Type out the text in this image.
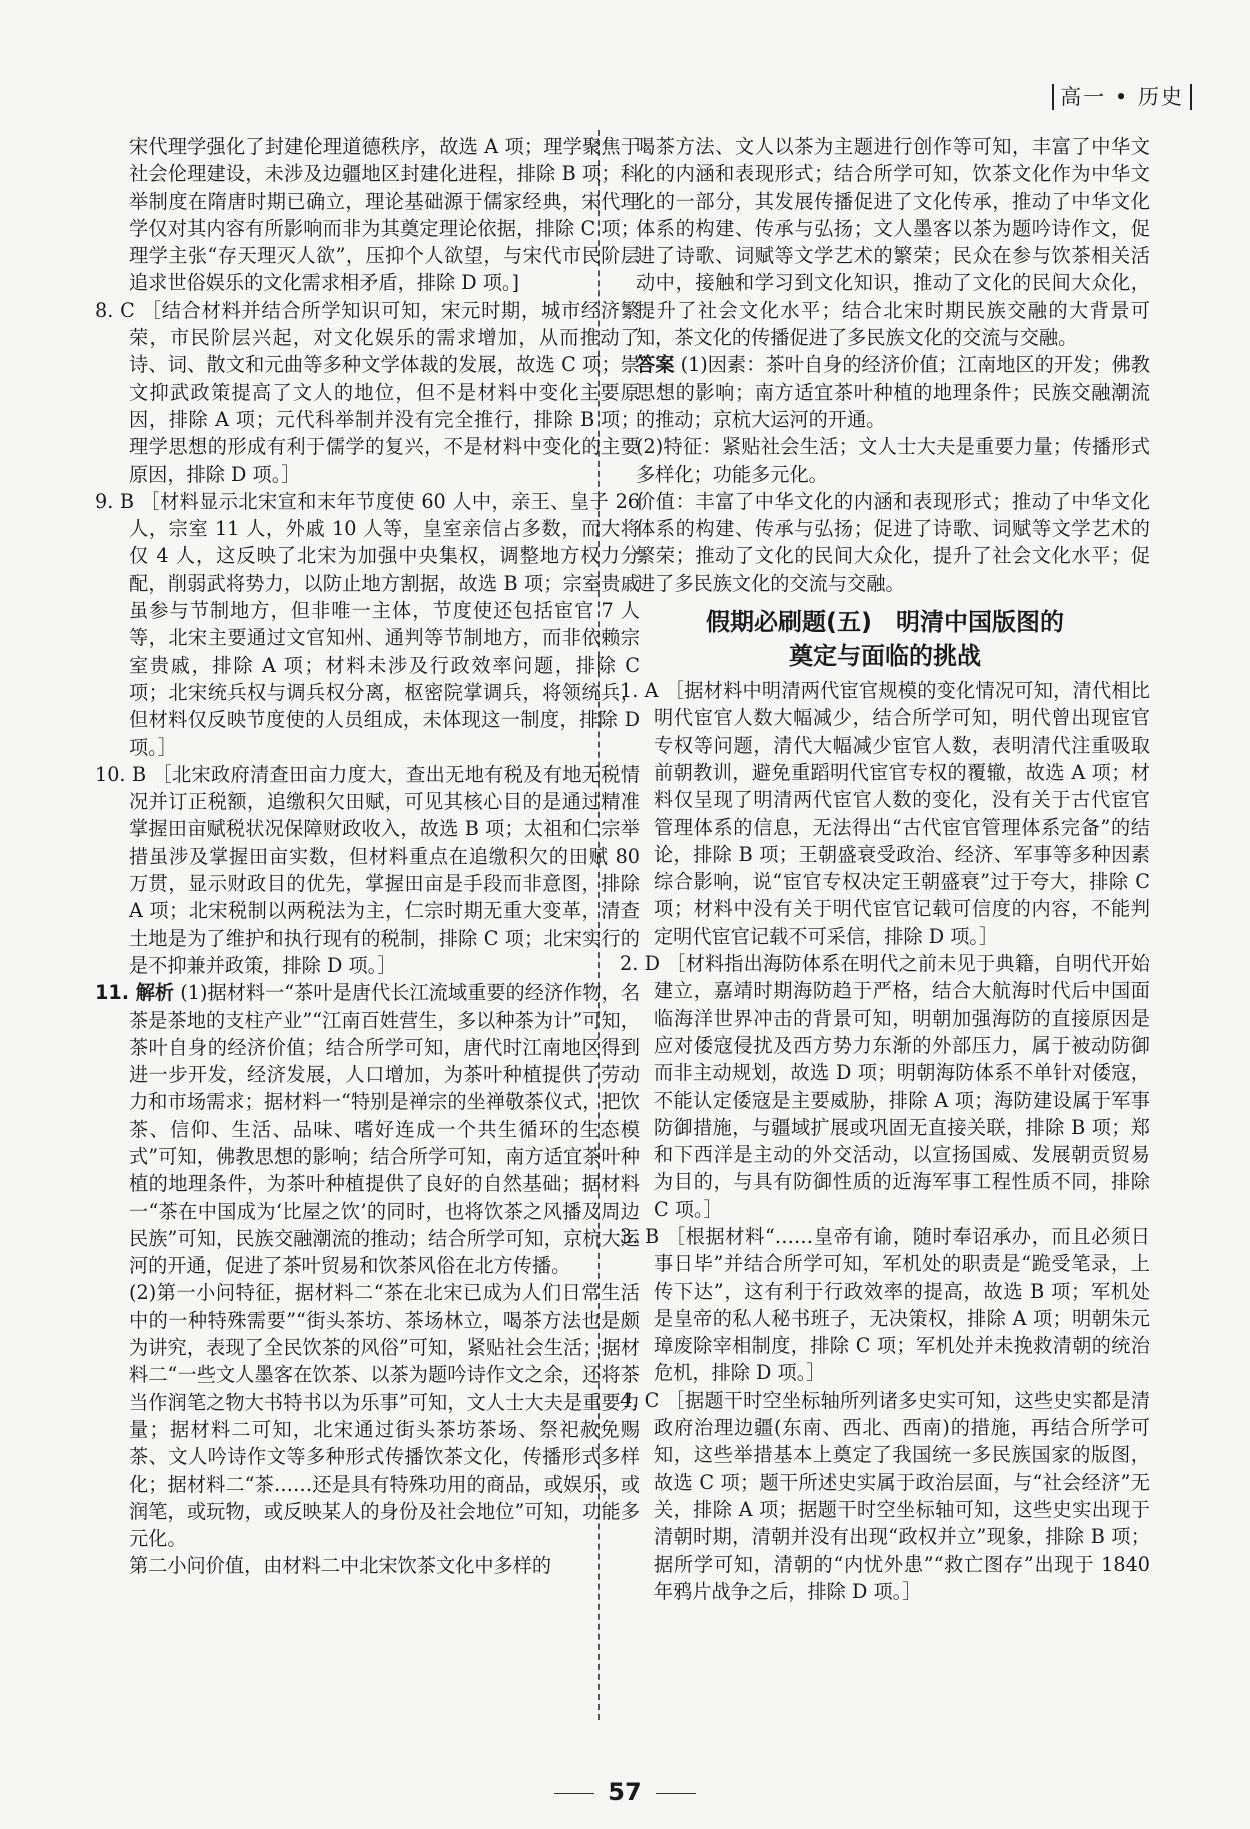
高一 • 历史

宋代理学强化了封建伦理道德秩序，故选 A 项；理学聚焦于社会伦理建设，未涉及边疆地区封建化进程，排除 B 项；科举制度在隋唐时期已确立，理论基础源于儒家经典，宋代理学仅对其内容有所影响而非为其奠定理论依据，排除 C 项；理学主张“存天理灭人欲”，压抑个人欲望，与宋代市民阶层追求世俗娱乐的文化需求相矛盾，排除 D 项。]

8. C ［结合材料并结合所学知识可知，宋元时期，城市经济繁荣，市民阶层兴起，对文化娱乐的需求增加，从而推动了诗、词、散文和元曲等多种文学体裁的发展，故选 C 项；崇文抑武政策提高了文人的地位，但不是材料中变化主要原因，排除 A 项；元代科举制并没有完全推行，排除 B 项；理学思想的形成有利于儒学的复兴，不是材料中变化的主要原因，排除 D 项。］

9. B ［材料显示北宋宣和末年节度使 60 人中，亲王、皇子 26 人，宗室 11 人，外戚 10 人等，皇室亲信占多数，而大将仅 4 人，这反映了北宋为加强中央集权，调整地方权力分配，削弱武将势力，以防止地方割据，故选 B 项；宗室贵戚虽参与节制地方，但非唯一主体，节度使还包括宦官 7 人等，北宋主要通过文官知州、通判等节制地方，而非依赖宗室贵戚，排除 A 项；材料未涉及行政效率问题，排除 C 项；北宋统兵权与调兵权分离，枢密院掌调兵，将领统兵，但材料仅反映节度使的人员组成，未体现这一制度，排除 D 项。］

10. B ［北宋政府清查田亩力度大，查出无地有税及有地无税情况并订正税额，追缴积欠田赋，可见其核心目的是通过精准掌握田亩赋税状况保障财政收入，故选 B 项；太祖和仁宗举措虽涉及掌握田亩实数，但材料重点在追缴积欠的田赋 80 万贯，显示财政目的优先，掌握田亩是手段而非意图，排除 A 项；北宋税制以两税法为主，仁宗时期无重大变革，清查土地是为了维护和执行现有的税制，排除 C 项；北宋实行的是不抑兼并政策，排除 D 项。］

11. 解析 (1)据材料一“茶叶是唐代长江流域重要的经济作物，名茶是茶地的支柱产业”“江南百姓营生，多以种茶为计”可知，茶叶自身的经济价值；结合所学可知，唐代时江南地区得到进一步开发，经济发展，人口增加，为茶叶种植提供了劳动力和市场需求；据材料一“特别是禅宗的坐禅敬茶仪式，把饮茶、信仰、生活、品味、嗜好连成一个共生循环的生态模式”可知，佛教思想的影响；结合所学可知，南方适宜茶叶种植的地理条件，为茶叶种植提供了良好的自然基础；据材料一“茶在中国成为‘比屋之饮’的同时，也将饮茶之风播及周边民族”可知，民族交融潮流的推动；结合所学可知，京杭大运河的开通，促进了茶叶贸易和饮茶风俗在北方传播。

(2)第一小问特征，据材料二“茶在北宋已成为人们日常生活中的一种特殊需要”“街头茶坊、茶场林立，喝茶方法也是颇为讲究，表现了全民饮茶的风俗”可知，紧贴社会生活；据材料二“一些文人墨客在饮茶、以茶为题吟诗作文之余，还将茶当作润笔之物大书特书以为乐事”可知，文人士大夫是重要力量；据材料二可知，北宋通过街头茶坊茶场、祭祀赦免赐茶、文人吟诗作文等多种形式传播饮茶文化，传播形式多样化；据材料二“茶……还是具有特殊功用的商品，或娱乐，或润笔，或玩物，或反映某人的身份及社会地位”可知，功能多元化。

第二小问价值，由材料二中北宋饮茶文化中多样的

喝茶方法、文人以茶为主题进行创作等可知，丰富了中华文化的内涵和表现形式；结合所学可知，饮茶文化作为中华文化的一部分，其发展传播促进了文化传承，推动了中华文化体系的构建、传承与弘扬；文人墨客以茶为题吟诗作文，促进了诗歌、词赋等文学艺术的繁荣；民众在参与饮茶相关活动中，接触和学习到文化知识，推动了文化的民间大众化，提升了社会文化水平；结合北宋时期民族交融的大背景可知，茶文化的传播促进了多民族文化的交流与交融。

答案 (1)因素：茶叶自身的经济价值；江南地区的开发；佛教思想的影响；南方适宜茶叶种植的地理条件；民族交融潮流的推动；京杭大运河的开通。

(2)特征：紧贴社会生活；文人士大夫是重要力量；传播形式多样化；功能多元化。

价值：丰富了中华文化的内涵和表现形式；推动了中华文化体系的构建、传承与弘扬；促进了诗歌、词赋等文学艺术的繁荣；推动了文化的民间大众化，提升了社会文化水平；促进了多民族文化的交流与交融。

假期必刷题(五)　明清中国版图的
奠定与面临的挑战

1. A ［据材料中明清两代宦官规模的变化情况可知，清代相比明代宦官人数大幅减少，结合所学可知，明代曾出现宦官专权等问题，清代大幅减少宦官人数，表明清代注重吸取前朝教训，避免重蹈明代宦官专权的覆辙，故选 A 项；材料仅呈现了明清两代宦官人数的变化，没有关于古代宦官管理体系的信息，无法得出“古代宦官管理体系完备”的结论，排除 B 项；王朝盛衰受政治、经济、军事等多种因素综合影响，说“宦官专权决定王朝盛衰”过于夸大，排除 C 项；材料中没有关于明代宦官记载可信度的内容，不能判定明代宦官记载不可采信，排除 D 项。］

2. D ［材料指出海防体系在明代之前未见于典籍，自明代开始建立，嘉靖时期海防趋于严格，结合大航海时代后中国面临海洋世界冲击的背景可知，明朝加强海防的直接原因是应对倭寇侵扰及西方势力东渐的外部压力，属于被动防御而非主动规划，故选 D 项；明朝海防体系不单针对倭寇，不能认定倭寇是主要威胁，排除 A 项；海防建设属于军事防御措施，与疆域扩展或巩固无直接关联，排除 B 项；郑和下西洋是主动的外交活动，以宣扬国威、发展朝贡贸易为目的，与具有防御性质的近海军事工程性质不同，排除 C 项。］

3. B ［根据材料“……皇帝有谕，随时奉诏承办，而且必须日事日毕”并结合所学可知，军机处的职责是“跪受笔录，上传下达”，这有利于行政效率的提高，故选 B 项；军机处是皇帝的私人秘书班子，无决策权，排除 A 项；明朝朱元璋废除宰相制度，排除 C 项；军机处并未挽救清朝的统治危机，排除 D 项。］

4. C ［据题干时空坐标轴所列诸多史实可知，这些史实都是清政府治理边疆(东南、西北、西南)的措施，再结合所学可知，这些举措基本上奠定了我国统一多民族国家的版图，故选 C 项；题干所述史实属于政治层面，与“社会经济”无关，排除 A 项；据题干时空坐标轴可知，这些史实出现于清朝时期，清朝并没有出现“政权并立”现象，排除 B 项；据所学可知，清朝的“内忧外患”“救亡图存”出现于 1840 年鸦片战争之后，排除 D 项。］

57
